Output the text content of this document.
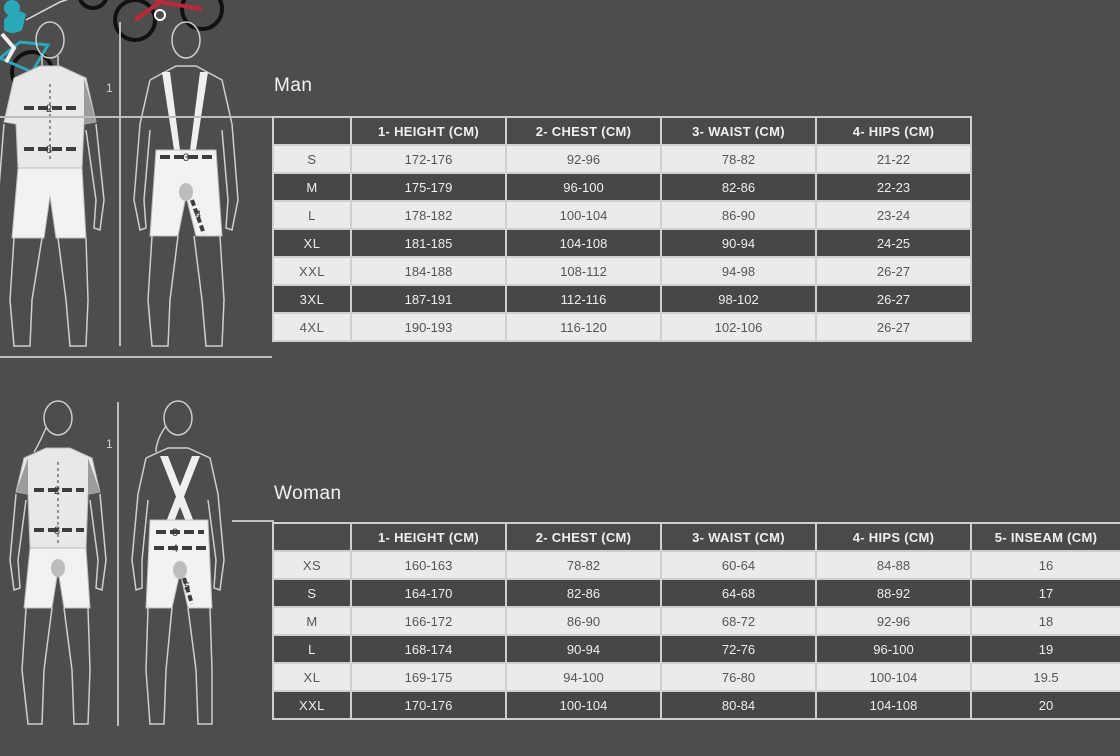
2
3
1
3
4
2
3
1
3
4
5
Man
	1- HEIGHT (CM)	2- CHEST (CM)	3- WAIST (CM)	4- HIPS (CM)
S	172-176	92-96	78-82	21-22
M	175-179	96-100	82-86	22-23
L	178-182	100-104	86-90	23-24
XL	181-185	104-108	90-94	24-25
XXL	184-188	108-112	94-98	26-27
3XL	187-191	112-116	98-102	26-27
4XL	190-193	116-120	102-106	26-27
Woman
	1- HEIGHT (CM)	2- CHEST (CM)	3- WAIST (CM)	4- HIPS (CM)	5- INSEAM (CM)
XS	160-163	78-82	60-64	84-88	16
S	164-170	82-86	64-68	88-92	17
M	166-172	86-90	68-72	92-96	18
L	168-174	90-94	72-76	96-100	19
XL	169-175	94-100	76-80	100-104	19.5
XXL	170-176	100-104	80-84	104-108	20
